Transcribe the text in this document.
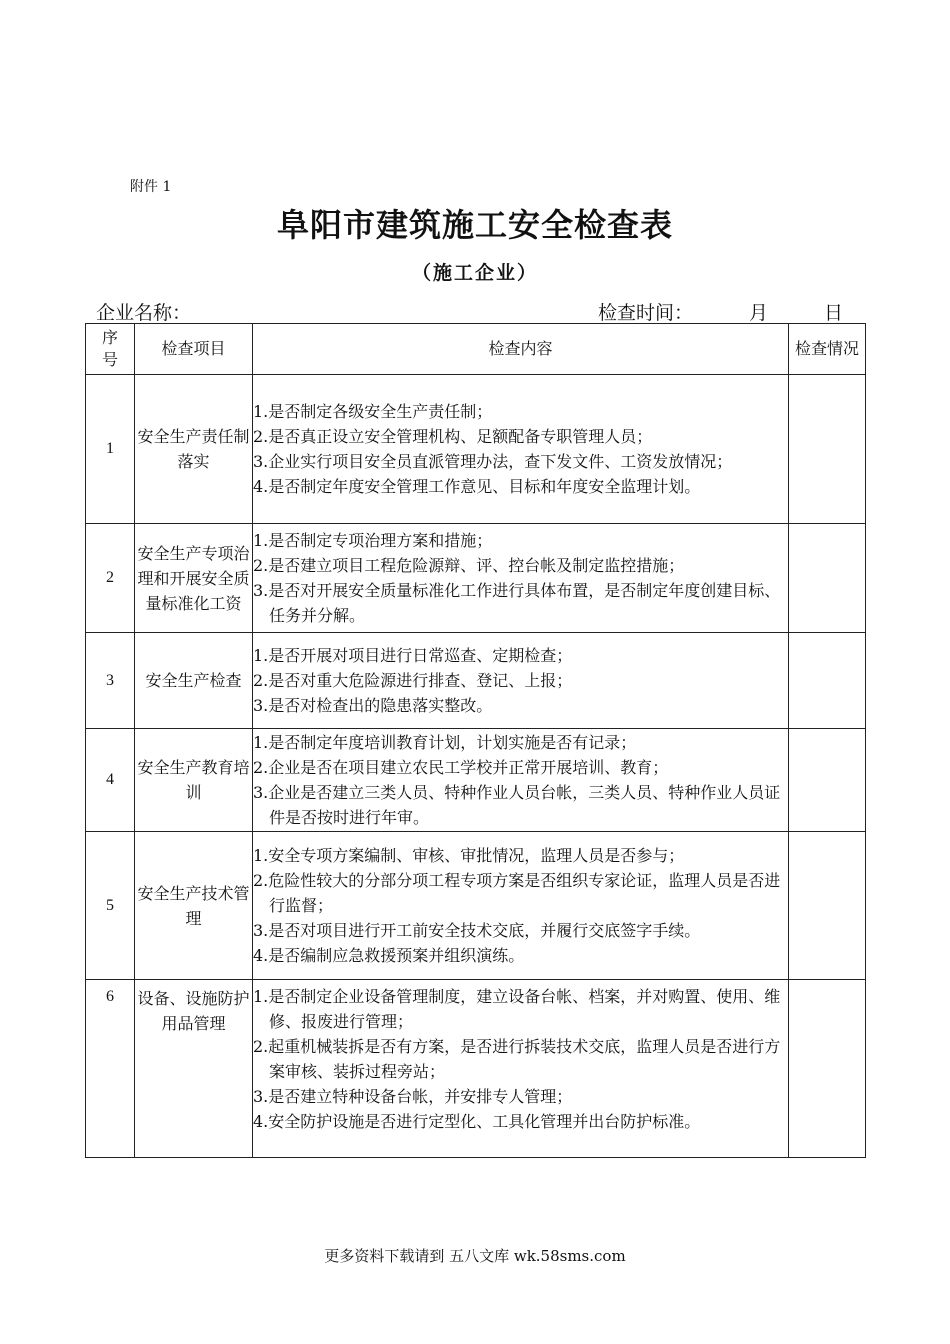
附件 1
阜阳市建筑施工安全检查表
（施工企业）
企业名称：	检查时间：	月	日
序号	检查项目	检查内容	检查情况

1	安全生产责任制落实	1.是否制定各级安全生产责任制；
2.是否真正设立安全管理机构、足额配备专职管理人员；
3.企业实行项目安全员直派管理办法，查下发文件、工资发放情况；
4.是否制定年度安全管理工作意见、目标和年度安全监理计划。	

2	安全生产专项治理和开展安全质量标准化工资	1.是否制定专项治理方案和措施；
2.是否建立项目工程危险源辩、评、控台帐及制定监控措施；
3.是否对开展安全质量标准化工作进行具体布置，是否制定年度创建目标、任务并分解。	

3	安全生产检查	1.是否开展对项目进行日常巡查、定期检查；
2.是否对重大危险源进行排查、登记、上报；
3.是否对检查出的隐患落实整改。	

4	安全生产教育培训	1.是否制定年度培训教育计划，计划实施是否有记录；
2.企业是否在项目建立农民工学校并正常开展培训、教育；
3.企业是否建立三类人员、特种作业人员台帐，三类人员、特种作业人员证件是否按时进行年审。	

5	安全生产技术管理	1.安全专项方案编制、审核、审批情况，监理人员是否参与；
2.危险性较大的分部分项工程专项方案是否组织专家论证，监理人员是否进行监督；
3.是否对项目进行开工前安全技术交底，并履行交底签字手续。
4.是否编制应急救援预案并组织演练。	

6	设备、设施防护用品管理	1.是否制定企业设备管理制度，建立设备台帐、档案，并对购置、使用、维修、报废进行管理；
2.起重机械装拆是否有方案，是否进行拆装技术交底，监理人员是否进行方案审核、装拆过程旁站；
3.是否建立特种设备台帐，并安排专人管理；
4.安全防护设施是否进行定型化、工具化管理并出台防护标准。	

更多资料下载请到 五八文库 wk.58sms.com
